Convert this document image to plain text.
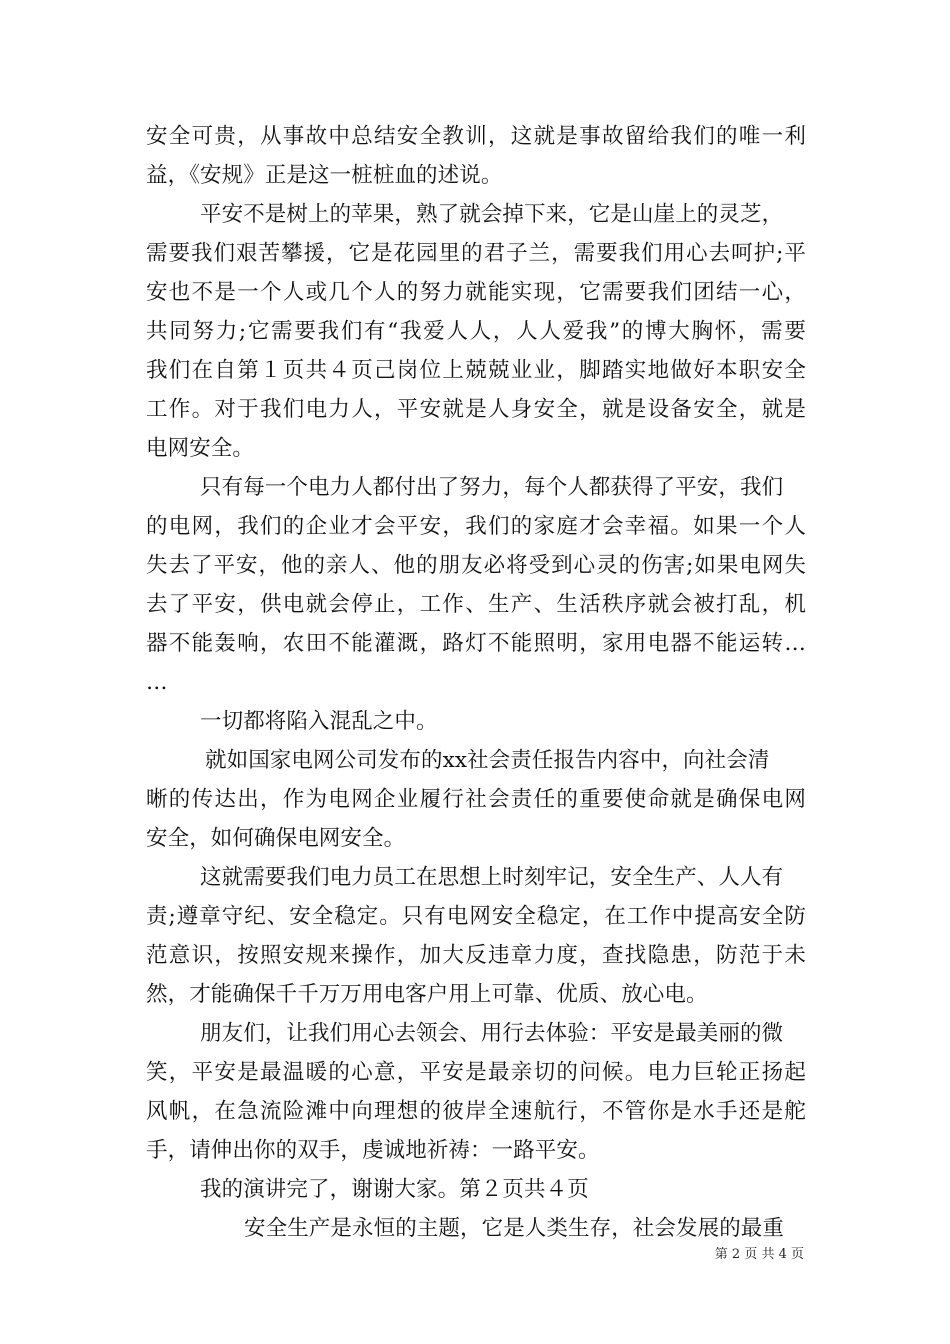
安全可贵，从事故中总结安全教训，这就是事故留给我们的唯一利
益，《安规》正是这一桩桩血的述说。
平安不是树上的苹果，熟了就会掉下来，它是山崖上的灵芝，
需要我们艰苦攀援，它是花园里的君子兰，需要我们用心去呵护;平
安也不是一个人或几个人的努力就能实现，它需要我们团结一心，
共同努力;它需要我们有“我爱人人，人人爱我”的博大胸怀，需要
我们在自第１页共４页己岗位上兢兢业业，脚踏实地做好本职安全
工作。对于我们电力人，平安就是人身安全，就是设备安全，就是
电网安全。
只有每一个电力人都付出了努力，每个人都获得了平安，我们
的电网，我们的企业才会平安，我们的家庭才会幸福。如果一个人
失去了平安，他的亲人、他的朋友必将受到心灵的伤害;如果电网失
去了平安，供电就会停止，工作、生产、生活秩序就会被打乱，机
器不能轰响，农田不能灌溉，路灯不能照明，家用电器不能运转…
…
一切都将陷入混乱之中。
就如国家电网公司发布的xx社会责任报告内容中，向社会清
晰的传达出，作为电网企业履行社会责任的重要使命就是确保电网
安全，如何确保电网安全。
这就需要我们电力员工在思想上时刻牢记，安全生产、人人有
责;遵章守纪、安全稳定。只有电网安全稳定，在工作中提高安全防
范意识，按照安规来操作，加大反违章力度，查找隐患，防范于未
然，才能确保千千万万用电客户用上可靠、优质、放心电。
朋友们，让我们用心去领会、用行去体验：平安是最美丽的微
笑，平安是最温暖的心意，平安是最亲切的问候。电力巨轮正扬起
风帆，在急流险滩中向理想的彼岸全速航行，不管你是水手还是舵
手，请伸出你的双手，虔诚地祈祷：一路平安。
我的演讲完了，谢谢大家。第２页共４页
安全生产是永恒的主题，它是人类生存，社会发展的最重
第 2 页 共 4 页
